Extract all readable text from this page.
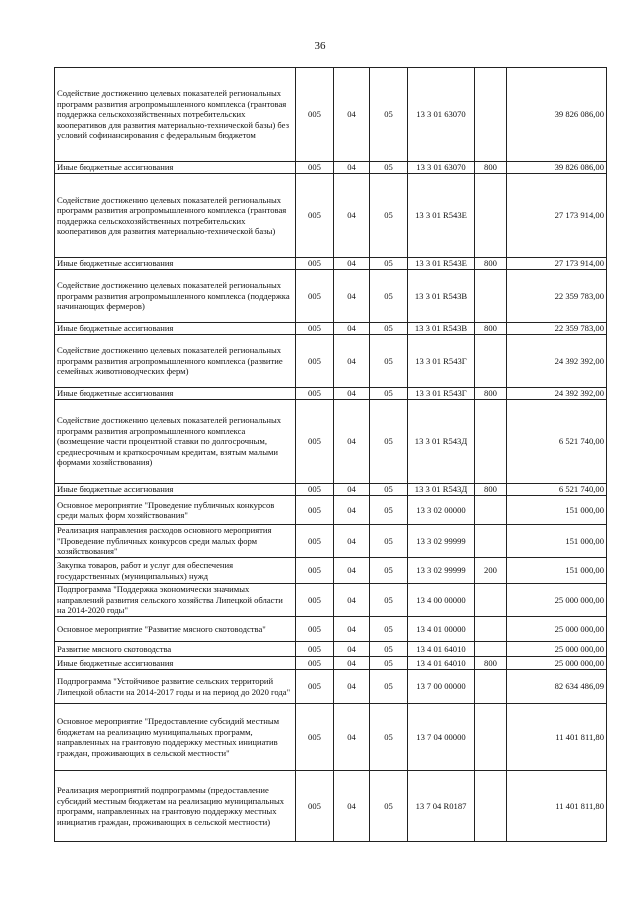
36
Содействие достижению целевых показателей региональных программ развития агропромышленного комплекса (грантовая поддержка сельскохозяйственных потребительских кооперативов для развития материально-технической базы) без условий софинансирования с федеральным бюджетом	005	04	05	13 3 01 63070		39 826 086,00
Иные бюджетные ассигнования	005	04	05	13 3 01 63070	800	39 826 086,00
Содействие достижению целевых показателей региональных программ развития агропромышленного комплекса (грантовая поддержка сельскохозяйственных потребительских кооперативов для развития материально-технической базы)	005	04	05	13 3 01 R543E		27 173 914,00
Иные бюджетные ассигнования	005	04	05	13 3 01 R543E	800	27 173 914,00
Содействие достижению целевых показателей региональных программ развития агропромышленного комплекса (поддержка начинающих фермеров)	005	04	05	13 3 01 R543B		22 359 783,00
Иные бюджетные ассигнования	005	04	05	13 3 01 R543B	800	22 359 783,00
Содействие достижению целевых показателей региональных программ развития агропромышленного комплекса (развитие семейных животноводческих ферм)	005	04	05	13 3 01 R543Г		24 392 392,00
Иные бюджетные ассигнования	005	04	05	13 3 01 R543Г	800	24 392 392,00
Содействие достижению целевых показателей региональных программ развития агропромышленного комплекса (возмещение части процентной ставки по долгосрочным, среднесрочным и краткосрочным кредитам, взятым малыми формами хозяйствования)	005	04	05	13 3 01 R543Д		6 521 740,00
Иные бюджетные ассигнования	005	04	05	13 3 01 R543Д	800	6 521 740,00
Основное мероприятие "Проведение публичных конкурсов среди малых форм хозяйствования"	005	04	05	13 3 02 00000		151 000,00
Реализация направления расходов основного мероприятия "Проведение публичных конкурсов среди малых форм хозяйствования"	005	04	05	13 3 02 99999		151 000,00
Закупка товаров, работ и услуг для обеспечения государственных (муниципальных) нужд	005	04	05	13 3 02 99999	200	151 000,00
Подпрограмма "Поддержка экономически значимых направлений развития сельского хозяйства Липецкой области на 2014-2020 годы"	005	04	05	13 4 00 00000		25 000 000,00
Основное мероприятие "Развитие мясного скотоводства"	005	04	05	13 4 01 00000		25 000 000,00
Развитие мясного скотоводства	005	04	05	13 4 01 64010		25 000 000,00
Иные бюджетные ассигнования	005	04	05	13 4 01 64010	800	25 000 000,00
Подпрограмма "Устойчивое развитие сельских территорий Липецкой области на 2014-2017 годы и на период до 2020 года"	005	04	05	13 7 00 00000		82 634 486,09
Основное мероприятие "Предоставление субсидий местным бюджетам на реализацию муниципальных программ, направленных на грантовую поддержку местных инициатив граждан, проживающих в сельской местности"	005	04	05	13 7 04 00000		11 401 811,80
Реализация мероприятий подпрограммы (предоставление субсидий местным бюджетам на реализацию муниципальных программ, направленных на грантовую поддержку местных инициатив граждан, проживающих в сельской местности)	005	04	05	13 7 04 R0187		11 401 811,80
